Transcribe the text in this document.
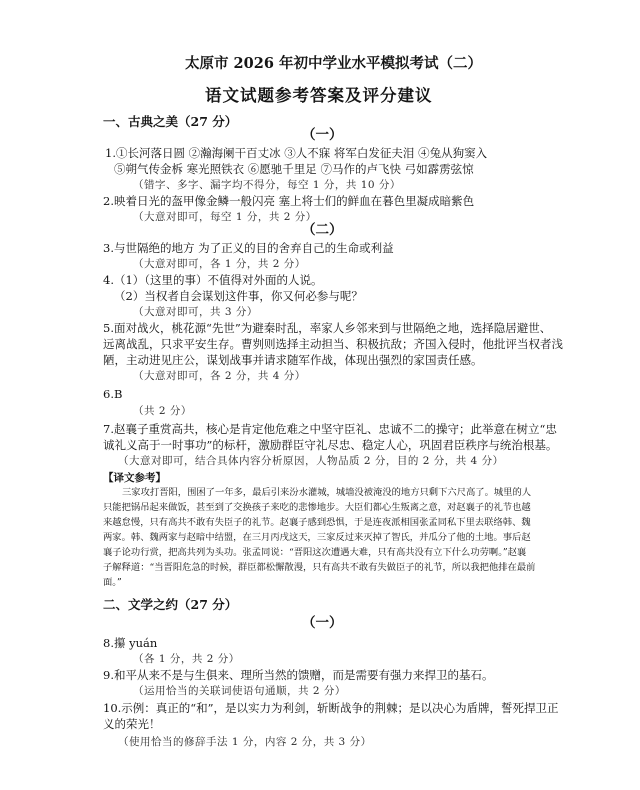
太原市 2026 年初中学业水平模拟考试（二）
语文试题参考答案及评分建议
一、古典之美（27 分）
（一）
1.①长河落日圆 ②瀚海阑干百丈冰 ③人不寐 将军白发征夫泪 ④兔从狗窦入
⑤朔气传金柝 寒光照铁衣 ⑥愿驰千里足 ⑦马作的卢飞快 弓如霹雳弦惊
（错字、多字、漏字均不得分，每空 1 分，共 10 分）
2.映着日光的盔甲像金鳞一般闪亮 塞上将士们的鲜血在暮色里凝成暗紫色
（大意对即可，每空 1 分，共 2 分）
（二）
3.与世隔绝的地方 为了正义的目的舍弃自己的生命或利益
（大意对即可，各 1 分，共 2 分）
4.（1）（这里的事）不值得对外面的人说。
（2）当权者自会谋划这件事，你又何必参与呢？
（大意对即可，共 3 分）
5.面对战火，桃花源“先世”为避秦时乱，率家人乡邻来到与世隔绝之地，选择隐居避世、
远离战乱，只求平安生存。曹刿则选择主动担当、积极抗敌；齐国入侵时，他批评当权者浅
陋，主动进见庄公，谋划战事并请求随军作战，体现出强烈的家国责任感。
（大意对即可，各 2 分，共 4 分）
6.B
（共 2 分）
7.赵襄子重赏高共，核心是肯定他危难之中坚守臣礼、忠诚不二的操守；此举意在树立“忠
诚礼义高于一时事功”的标杆，激励群臣守礼尽忠、稳定人心，巩固君臣秩序与统治根基。
（大意对即可，结合具体内容分析原因，人物品质 2 分，目的 2 分，共 4 分）
【译文参考】
三家攻打晋阳，围困了一年多，最后引来汾水灌城，城墙没被淹没的地方只剩下六尺高了。城里的人
只能把锅吊起来做饭，甚至到了交换孩子来吃的悲惨地步。大臣们都心生叛离之意，对赵襄子的礼节也越
来越怠慢，只有高共不敢有失臣子的礼节。赵襄子感到恐惧，于是连夜派相国张孟同私下里去联络韩、魏
两家。韩、魏两家与赵暗中结盟，在三月丙戌这天，三家反过来灭掉了智氏，并瓜分了他的土地。事后赵
襄子论功行赏，把高共列为头功。张孟同说：“晋阳这次遭遇大难，只有高共没有立下什么功劳啊。”赵襄
子解释道：“当晋阳危急的时候，群臣都松懈散漫，只有高共不敢有失做臣子的礼节，所以我把他排在最前
面。”
二、文学之约（27 分）
（一）
8.攥 yuán
（各 1 分，共 2 分）
9.和平从来不是与生俱来、理所当然的馈赠，而是需要有强力来捍卫的基石。
（运用恰当的关联词使语句通顺，共 2 分）
10.示例：真正的“和”，是以实力为利剑，斩断战争的荆棘；是以决心为盾牌，誓死捍卫正
义的荣光！
（使用恰当的修辞手法 1 分，内容 2 分，共 3 分）
